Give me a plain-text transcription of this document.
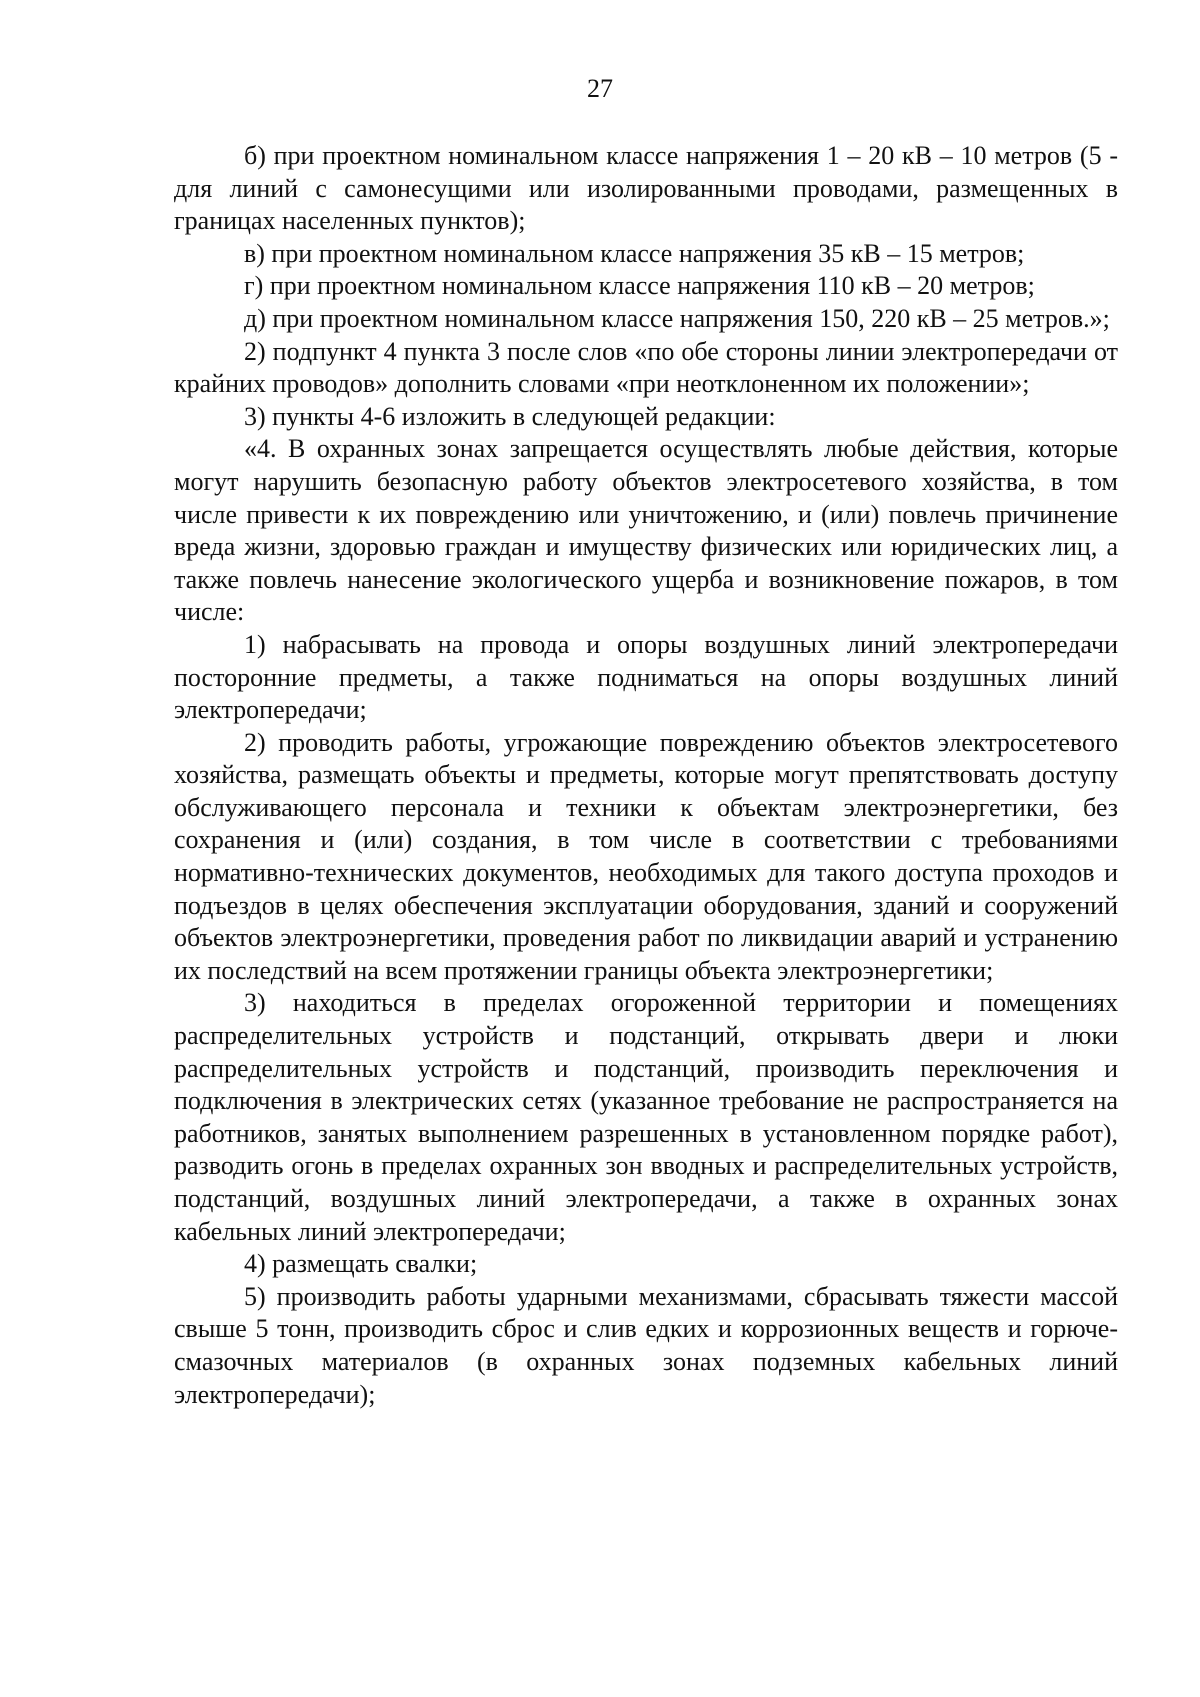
27

б) при проектном номинальном классе напряжения 1 – 20 кВ – 10 метров (5 - для линий с самонесущими или изолированными проводами, размещенных в границах населенных пунктов);

в) при проектном номинальном классе напряжения 35 кВ – 15 метров;

г) при проектном номинальном классе напряжения 110 кВ – 20 метров;

д) при проектном номинальном классе напряжения 150, 220 кВ – 25 метров.»;

2) подпункт 4 пункта 3 после слов «по обе стороны линии электропередачи от крайних проводов» дополнить словами «при неотклоненном их положении»;

3) пункты 4-6 изложить в следующей редакции:

«4. В охранных зонах запрещается осуществлять любые действия, которые могут нарушить безопасную работу объектов электросетевого хозяйства, в том числе привести к их повреждению или уничтожению, и (или) повлечь причинение вреда жизни, здоровью граждан и имуществу физических или юридических лиц, а также повлечь нанесение экологического ущерба и возникновение пожаров, в том числе:

1) набрасывать на провода и опоры воздушных линий электропередачи посторонние предметы, а также подниматься на опоры воздушных линий электропередачи;

2) проводить работы, угрожающие повреждению объектов электросетевого хозяйства, размещать объекты и предметы, которые могут препятствовать доступу обслуживающего персонала и техники к объектам электроэнергетики, без сохранения и (или) создания, в том числе в соответствии с требованиями нормативно-технических документов, необходимых для такого доступа проходов и подъездов в целях обеспечения эксплуатации оборудования, зданий и сооружений объектов электроэнергетики, проведения работ по ликвидации аварий и устранению их последствий на всем протяжении границы объекта электроэнергетики;

3) находиться в пределах огороженной территории и помещениях распределительных устройств и подстанций, открывать двери и люки распределительных устройств и подстанций, производить переключения и подключения в электрических сетях (указанное требование не распространяется на работников, занятых выполнением разрешенных в установленном порядке работ), разводить огонь в пределах охранных зон вводных и распределительных устройств, подстанций, воздушных линий электропередачи, а также в охранных зонах кабельных линий электропередачи;

4) размещать свалки;

5) производить работы ударными механизмами, сбрасывать тяжести массой свыше 5 тонн, производить сброс и слив едких и коррозионных веществ и горюче-смазочных материалов (в охранных зонах подземных кабельных линий электропередачи);
